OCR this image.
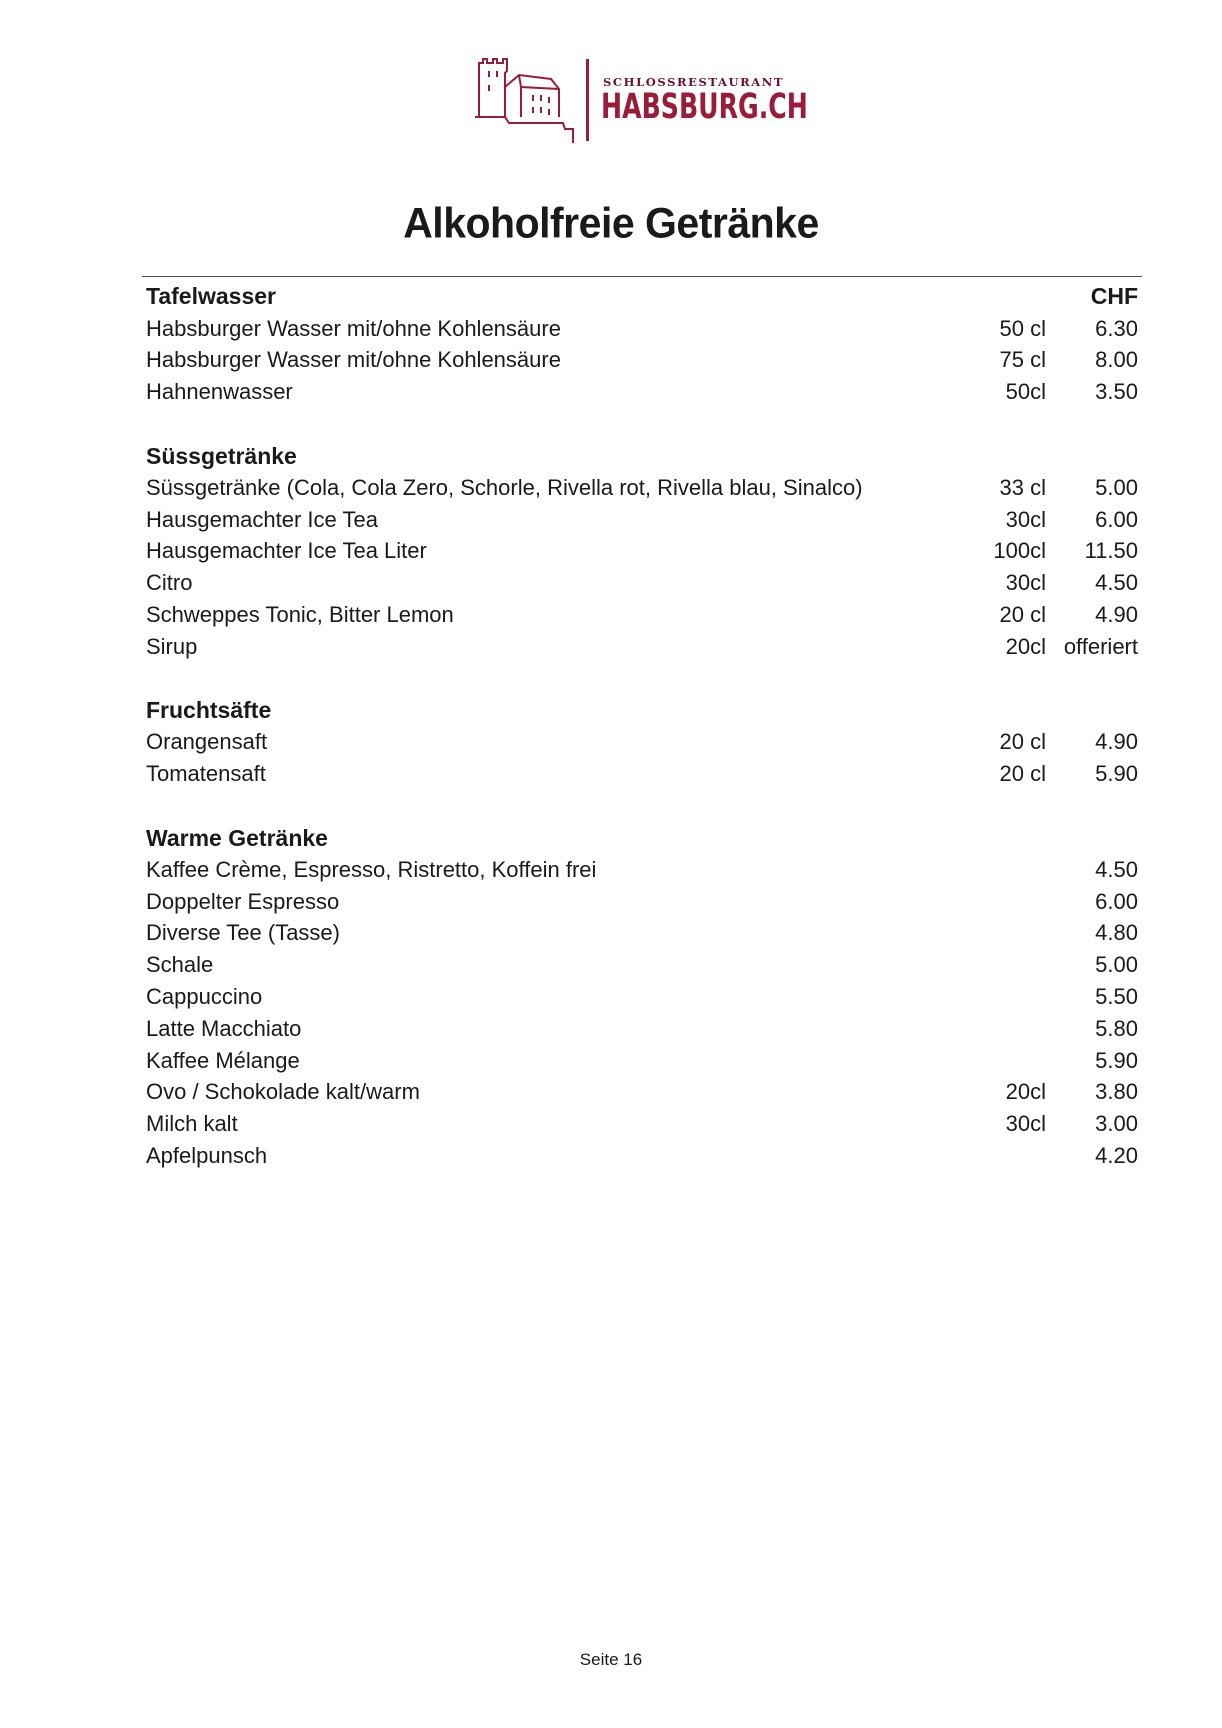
SCHLOSSRESTAURANT
HABSBURG.CH
Alkoholfreie Getränke
Tafelwasser	CHF
Habsburger Wasser mit/ohne Kohlensäure	50 cl	6.30
Habsburger Wasser mit/ohne Kohlensäure	75 cl	8.00
Hahnenwasser	50cl	3.50
Süssgetränke
Süssgetränke (Cola, Cola Zero, Schorle, Rivella rot, Rivella blau, Sinalco)	33 cl	5.00
Hausgemachter Ice Tea	30cl	6.00
Hausgemachter Ice Tea Liter	100cl	11.50
Citro	30cl	4.50
Schweppes Tonic, Bitter Lemon	20 cl	4.90
Sirup	20cl offeriert
Fruchtsäfte
Orangensaft	20 cl	4.90
Tomatensaft	20 cl	5.90
Warme Getränke
Kaffee Crème, Espresso, Ristretto, Koffein frei	4.50
Doppelter Espresso	6.00
Diverse Tee (Tasse)	4.80
Schale	5.00
Cappuccino	5.50
Latte Macchiato	5.80
Kaffee Mélange	5.90
Ovo / Schokolade kalt/warm	20cl	3.80
Milch kalt	30cl	3.00
Apfelpunsch	4.20
Seite 16
